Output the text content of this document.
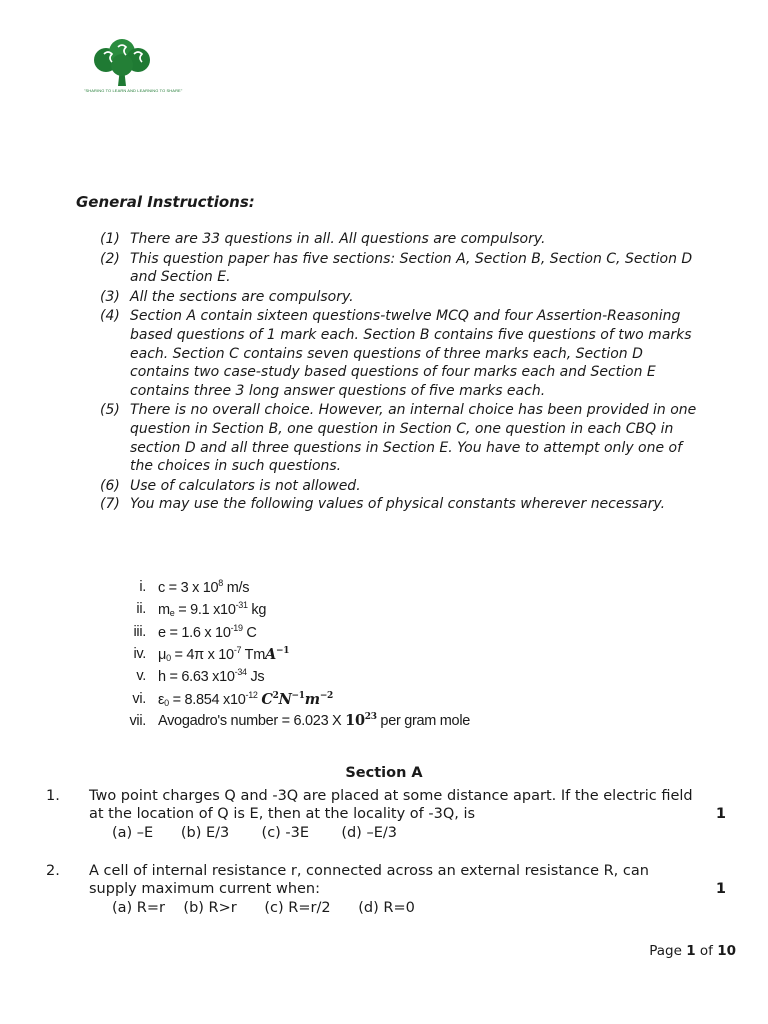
"SHARING TO LEARN AND LEARNING TO SHARE"
General Instructions:
(1) There are 33 questions in all. All questions are compulsory.
(2) This question paper has five sections: Section A, Section B, Section C, Section D and Section E.
(3) All the sections are compulsory.
(4) Section A contain sixteen questions-twelve MCQ and four Assertion-Reasoning based questions of 1 mark each. Section B contains five questions of two marks each. Section C contains seven questions of three marks each, Section D contains two case-study based questions of four marks each and Section E contains three 3 long answer questions of five marks each.
(5) There is no overall choice. However, an internal choice has been provided in one question in Section B, one question in Section C, one question in each CBQ in section D and all three questions in Section E. You have to attempt only one of the choices in such questions.
(6) Use of calculators is not allowed.
(7) You may use the following values of physical constants wherever necessary.
i. c = 3 x $10^8$ m/s
ii. $m_e = 9.1$ $x10^{-31}$ kg
iii. e = 1.6 x $10^{-19}$ C
iv. $\mu_0 = 4\pi$ x $10^{-7}$ TmA$^{-1}$
v. h = 6.63 $x10^{-34}$ Js
vi. $\varepsilon_0 = 8.854$ $x10^{-12}$ $C^2N^{-1}m^{-2}$
vii. Avogadro's number = 6.023 X $10^{23}$ per gram mole
Section A
1. Two point charges Q and -3Q are placed at some distance apart. If the electric field at the location of Q is E, then at the locality of -3Q, is	1
(a) –E      (b) E/3       (c) -3E       (d) –E/3
2. A cell of internal resistance r, connected across an external resistance R, can supply maximum current when:	1
(a) R=r    (b) R>r      (c) R=r/2      (d) R=0
Page 1 of 10
